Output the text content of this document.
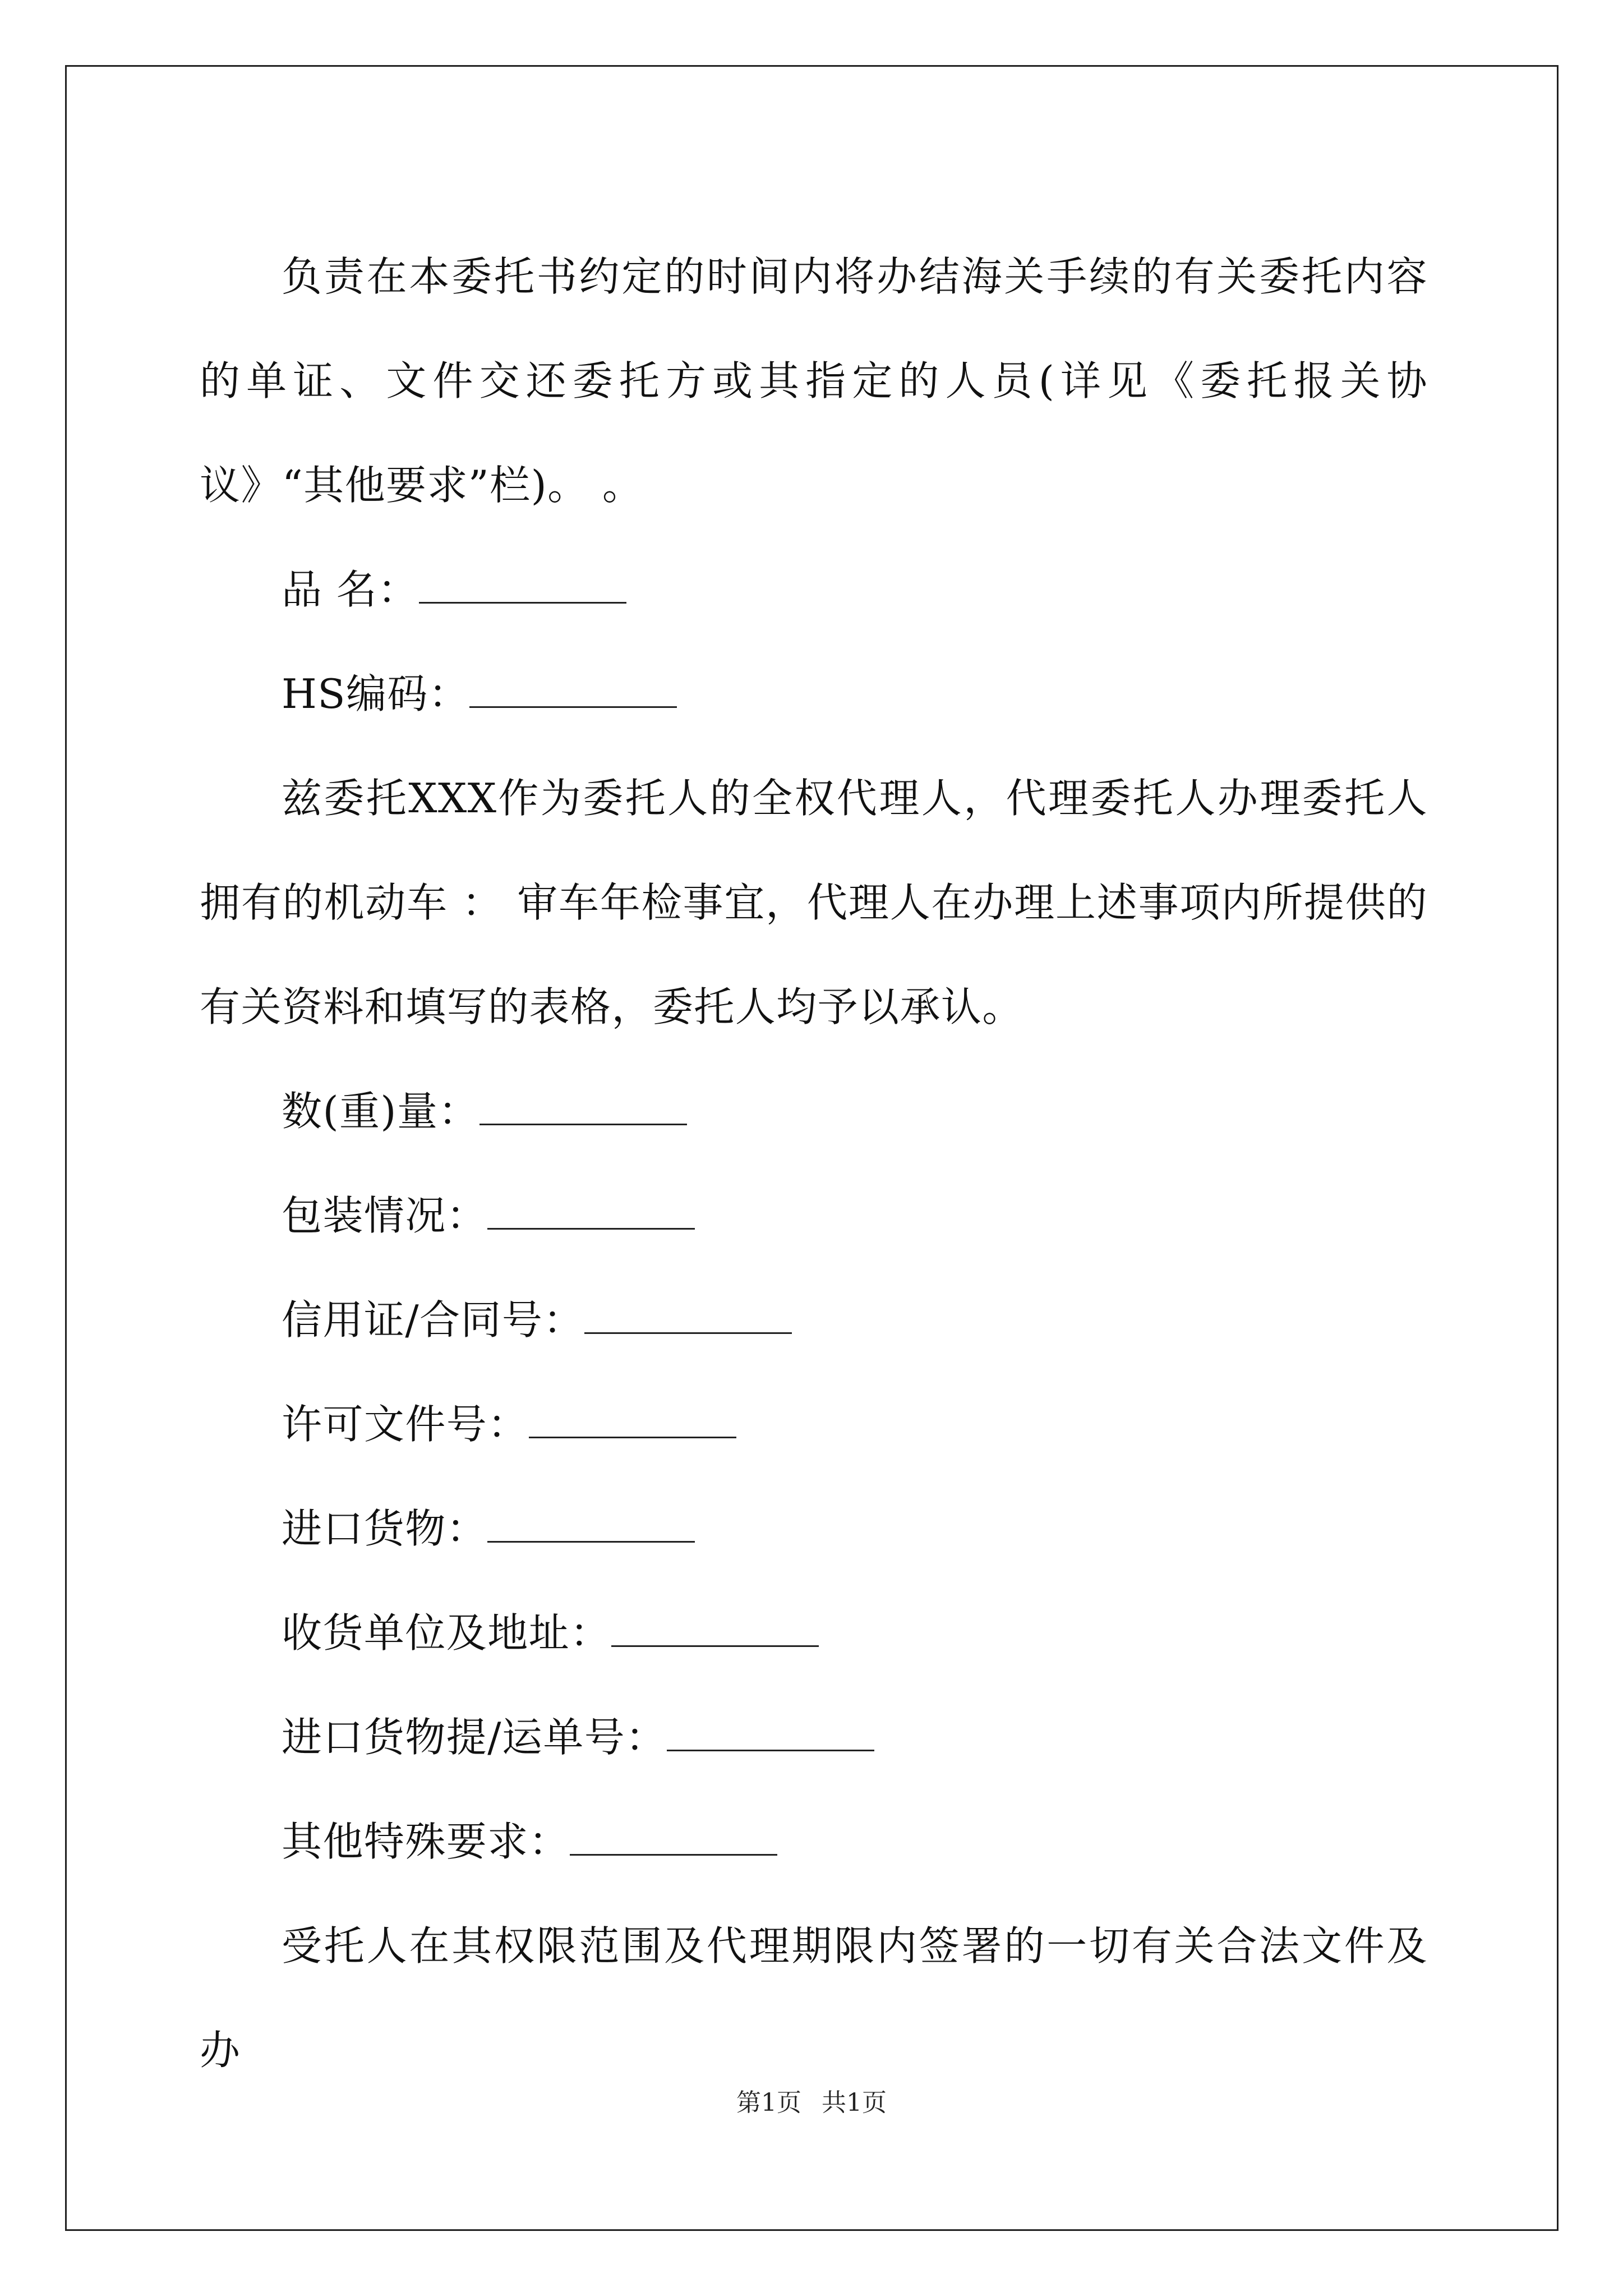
负责在本委托书约定的时间内将办结海关手续的有关委托内容的单证、文件交还委托方或其指定的人员(详见《委托报关协议》“其他要求”栏)。 。

品 名：

HS编码：

兹委托XXX作为委托人的全权代理人，代理委托人办理委托人拥有的机动车 ： 审车年检事宜，代理人在办理上述事项内所提供的有关资料和填写的表格，委托人均予以承认。

数(重)量：

包装情况：

信用证/合同号：

许可文件号：

进口货物：

收货单位及地址：

进口货物提/运单号：

其他特殊要求：

受托人在其权限范围及代理期限内签署的一切有关合法文件及办

第1页 共1页
